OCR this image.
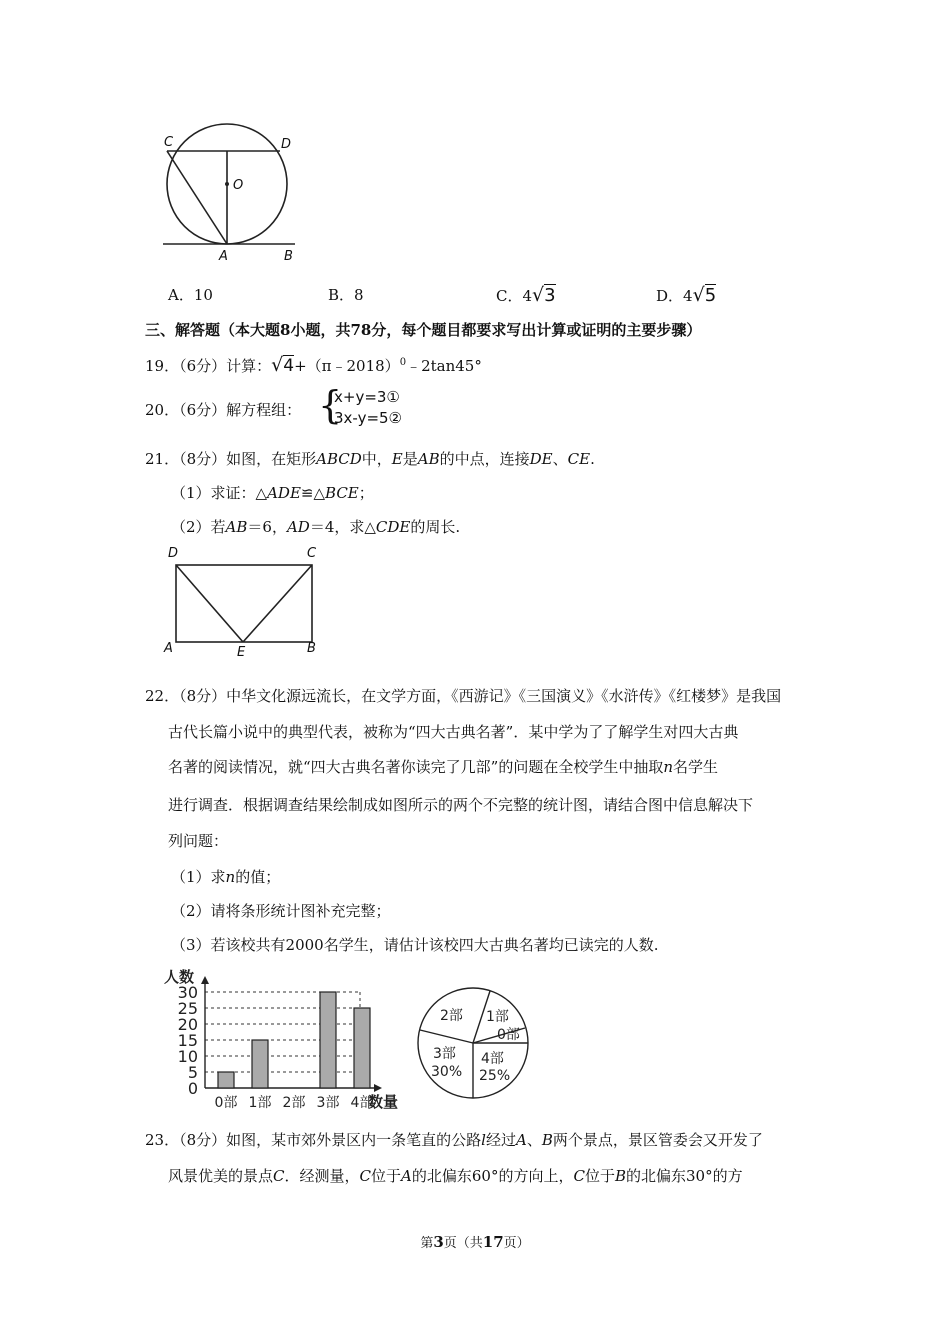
C	D
O
A	B
A．10	B．8	C．4√3	D．4√5
三、解答题（本大题8小题，共78分，每个题目都要求写出计算或证明的主要步骤）
19．（6分）计算：√4+（π﹣2018）$^0$﹣2tan45°
20．（6分）解方程组： {
x+y=3①
3x-y=5②
21．（8分）如图，在矩形ABCD中，E是AB的中点，连接DE、CE.
（1）求证：△ADE≌△BCE；
（2）若AB＝6，AD＝4，求△CDE的周长.
D	C
A	E	B
22．（8分）中华文化源远流长，在文学方面，《西游记》《三国演义》《水浒传》《红楼梦》是我国
古代长篇小说中的典型代表，被称为“四大古典名著”．某中学为了了解学生对四大古典
名著的阅读情况，就“四大古典名著你读完了几部”的问题在全校学生中抽取n名学生
进行调查．根据调查结果绘制成如图所示的两个不完整的统计图，请结合图中信息解决下
列问题：
（1）求n的值；
（2）请将条形统计图补充完整；
（3）若该校共有2000名学生，请估计该校四大古典名著均已读完的人数.
人数
0
5
10
15
20
25
30
0部 1部 2部 3部 4部
数量
2部 1部
0部
3部
30%
4部
25%
23．（8分）如图，某市郊外景区内一条笔直的公路l经过A、B两个景点，景区管委会又开发了
风景优美的景点C．经测量，C位于A的北偏东60°的方向上，C位于B的北偏东30°的方
第3页（共17页）
